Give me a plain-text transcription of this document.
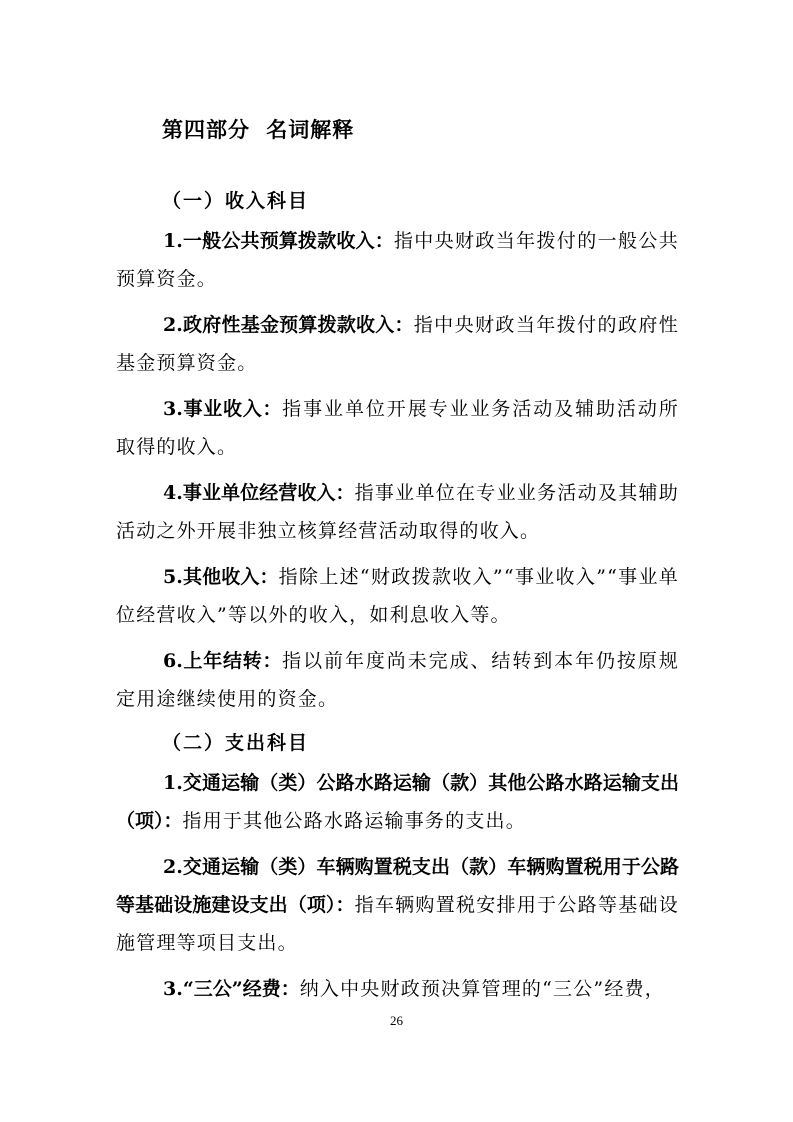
第四部分 名词解释
（一）收入科目
1.一般公共预算拨款收入：指中央财政当年拨付的一般公共预算资金。
2.政府性基金预算拨款收入：指中央财政当年拨付的政府性基金预算资金。
3.事业收入：指事业单位开展专业业务活动及辅助活动所取得的收入。
4.事业单位经营收入：指事业单位在专业业务活动及其辅助活动之外开展非独立核算经营活动取得的收入。
5.其他收入：指除上述“财政拨款收入”“事业收入”“事业单位经营收入”等以外的收入，如利息收入等。
6.上年结转：指以前年度尚未完成、结转到本年仍按原规定用途继续使用的资金。
（二）支出科目
1.交通运输（类）公路水路运输（款）其他公路水路运输支出（项）：指用于其他公路水路运输事务的支出。
2.交通运输（类）车辆购置税支出（款）车辆购置税用于公路等基础设施建设支出（项）：指车辆购置税安排用于公路等基础设施管理等项目支出。
3.“三公”经费：纳入中央财政预决算管理的“三公”经费，
26
